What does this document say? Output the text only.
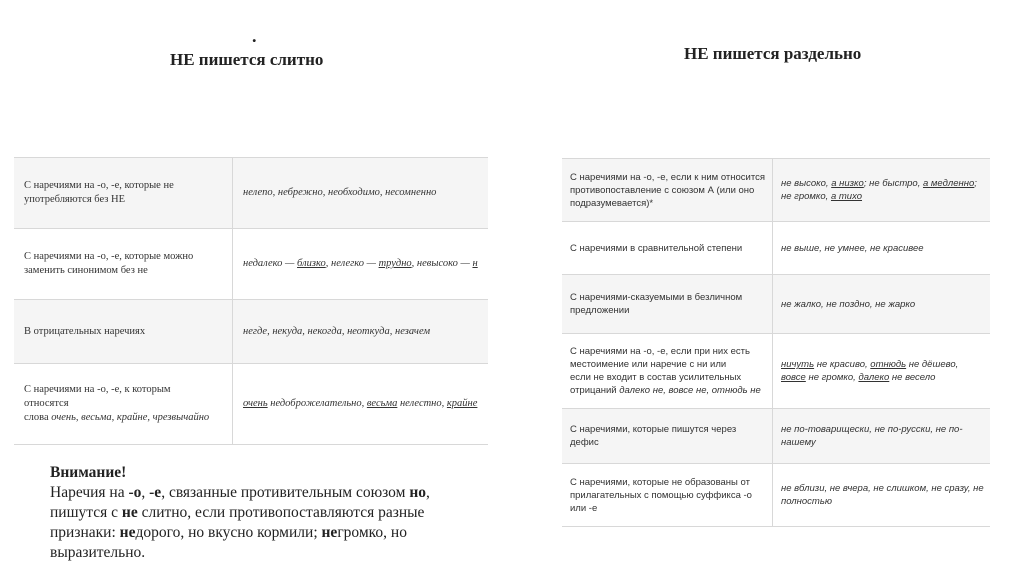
.
НЕ пишется слитно	НЕ пишется раздельно
С наречиями на -о, -е, которые не употребляются без НЕ	нелепо, небрежно, необходимо, несомненно
С наречиями на -о, -е, которые можно заменить синонимом без не	недалеко — близко, нелегко — трудно, невысоко — н
В отрицательных наречиях	негде, некуда, некогда, неоткуда, незачем
С наречиями на -о, -е, к которым
относятся
слова очень, весьма, крайне, чрезвычайно	очень недоброжелательно, весьма нелестно, крайне
С наречиями на -о, -е, если к ним относится противопоставление с союзом А (или оно подразумевается)*	не высоко, а низко; не быстро, а медленно; не громко, а тихо
С наречиями в сравнительной степени	не выше, не умнее, не красивее
С наречиями-сказуемыми в безличном предложении	не жалко, не поздно, не жарко
С наречиями на -о, -е, если при них есть
местоимение или наречие с ни или
если не входит в состав усилительных
отрицаний далеко не, вовсе не, отнюдь не	ничуть не красиво, отнюдь не дёшево, вовсе не громко, далеко не весело
С наречиями, которые пишутся через дефис	не по-товарищески, не по-русски, не по-нашему
С наречиями, которые не образованы от прилагательных с помощью суффикса -о или -е	не вблизи, не вчера, не слишком, не сразу, не полностью
Внимание!
Наречия на -о, -е, связанные противительным союзом но, пишутся с не слитно, если противопоставляются разные признаки: недорого, но вкусно кормили; негромко, но выразительно.
